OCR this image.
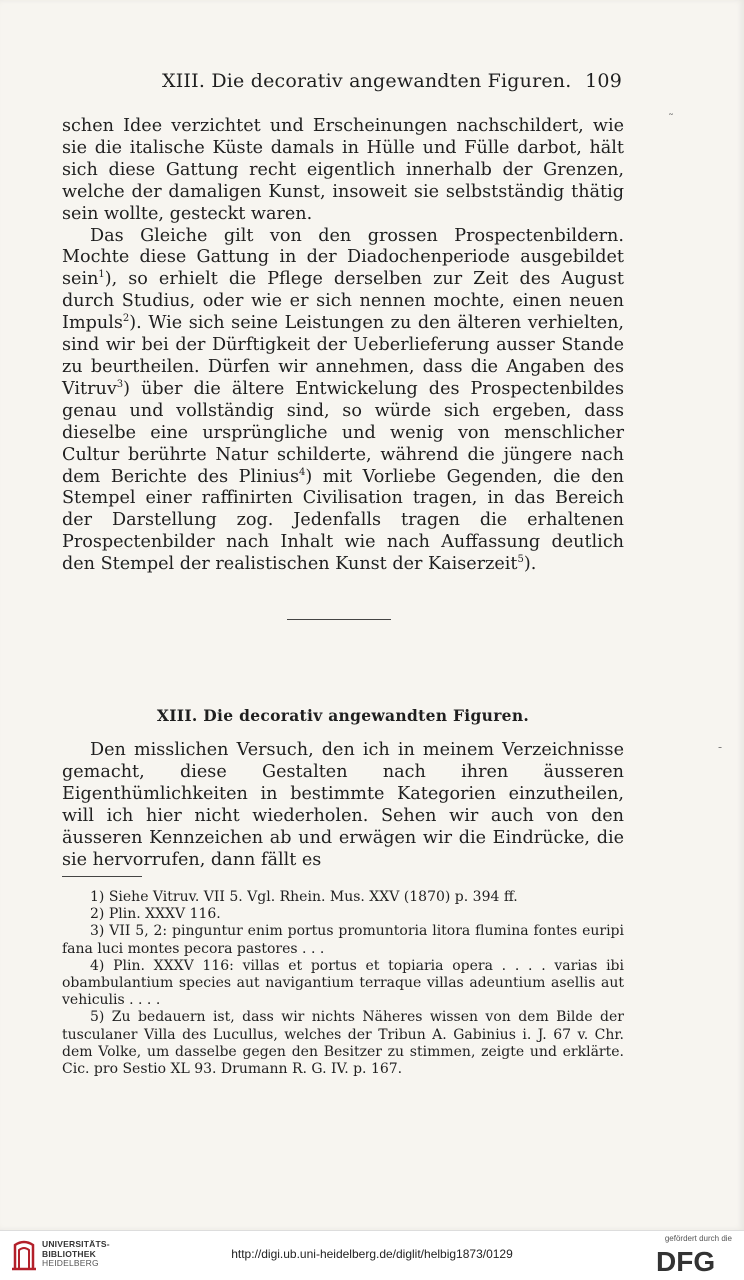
XIII. Die decorativ angewandten Figuren. 109

schen Idee verzichtet und Erscheinungen nachschildert, wie sie die italische Küste damals in Hülle und Fülle darbot, hält sich diese Gattung recht eigentlich innerhalb der Grenzen, welche der damaligen Kunst, insoweit sie selbstständig thätig sein wollte, gesteckt waren.

Das Gleiche gilt von den grossen Prospectenbildern. Mochte diese Gattung in der Diadochenperiode ausgebildet sein$^1$), so erhielt die Pflege derselben zur Zeit des August durch Studius, oder wie er sich nennen mochte, einen neuen Impuls$^2$). Wie sich seine Leistungen zu den älteren verhielten, sind wir bei der Dürftigkeit der Ueberlieferung ausser Stande zu beurtheilen. Dürfen wir annehmen, dass die Angaben des Vitruv$^3$) über die ältere Entwickelung des Prospectenbildes genau und vollständig sind, so würde sich ergeben, dass dieselbe eine ursprüngliche und wenig von menschlicher Cultur berührte Natur schilderte, während die jüngere nach dem Berichte des Plinius$^4$) mit Vorliebe Gegenden, die den Stempel einer raffinirten Civilisation tragen, in das Bereich der Darstellung zog. Jedenfalls tragen die erhaltenen Prospectenbilder nach Inhalt wie nach Auffassung deutlich den Stempel der realistischen Kunst der Kaiserzeit$^5$).

XIII. Die decorativ angewandten Figuren.

Den misslichen Versuch, den ich in meinem Verzeichnisse gemacht, diese Gestalten nach ihren äusseren Eigenthümlichkeiten in bestimmte Kategorien einzutheilen, will ich hier nicht wiederholen. Sehen wir auch von den äusseren Kennzeichen ab und erwägen wir die Eindrücke, die sie hervorrufen, dann fällt es

1) Siehe Vitruv. VII 5. Vgl. Rhein. Mus. XXV (1870) p. 394 ff.

2) Plin. XXXV 116.

3) VII 5, 2: pinguntur enim portus promuntoria litora flumina fontes euripi fana luci montes pecora pastores . . .

4) Plin. XXXV 116: villas et portus et topiaria opera . . . . varias ibi obambulantium species aut navigantium terraque villas adeuntium asellis aut vehiculis . . . .

5) Zu bedauern ist, dass wir nichts Näheres wissen von dem Bilde der tusculaner Villa des Lucullus, welches der Tribun A. Gabinius i. J. 67 v. Chr. dem Volke, um dasselbe gegen den Besitzer zu stimmen, zeigte und erklärte. Cic. pro Sestio XL 93. Drumann R. G. IV. p. 167.

˜
-
UNIVERSITÄTS-
BIBLIOTHEK
HEIDELBERG
http://digi.ub.uni-heidelberg.de/diglit/helbig1873/0129
gefördert durch die
DFG
